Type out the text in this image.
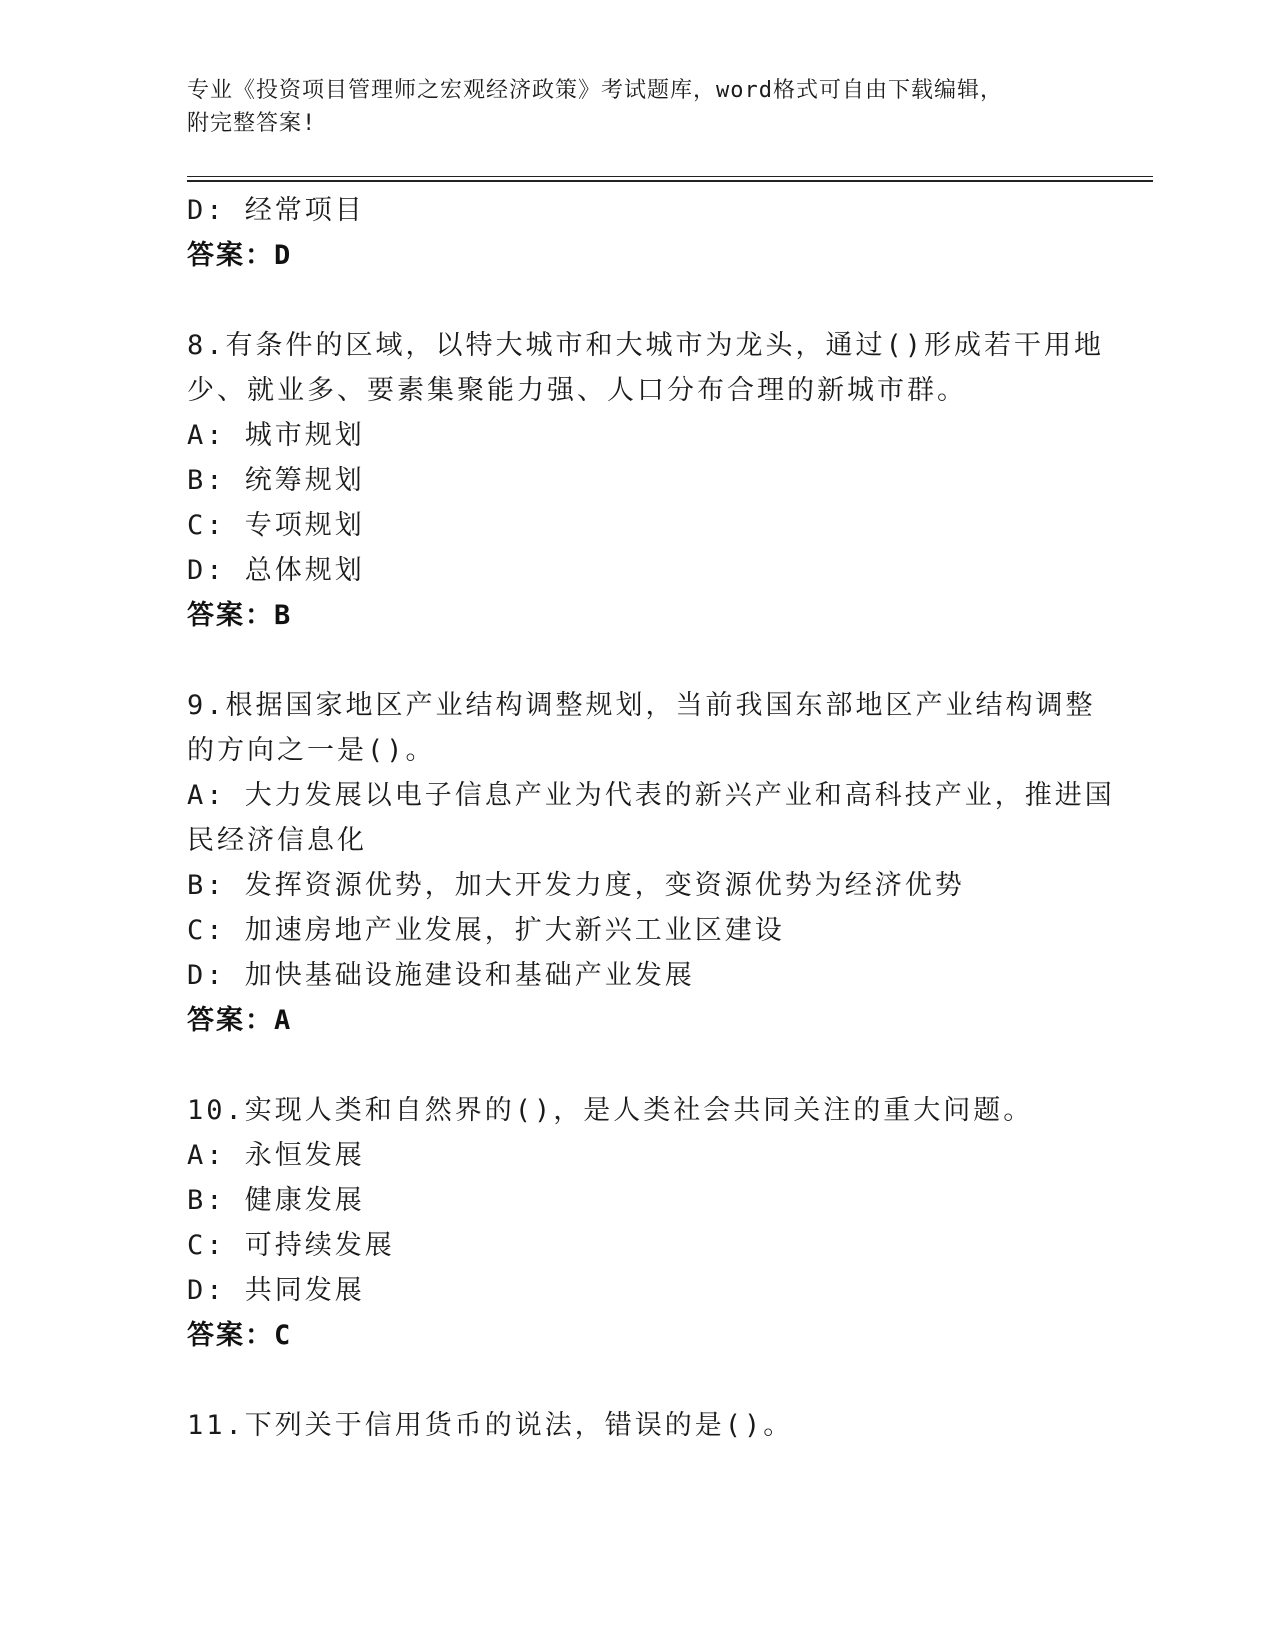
专业《投资项目管理师之宏观经济政策》考试题库，word格式可自由下载编辑，
附完整答案!
D: 经常项目
答案：D
8.有条件的区域，以特大城市和大城市为龙头，通过()形成若干用地
少、就业多、要素集聚能力强、人口分布合理的新城市群。
A: 城市规划
B: 统筹规划
C: 专项规划
D: 总体规划
答案：B
9.根据国家地区产业结构调整规划，当前我国东部地区产业结构调整
的方向之一是()。
A: 大力发展以电子信息产业为代表的新兴产业和高科技产业，推进国
民经济信息化
B: 发挥资源优势，加大开发力度，变资源优势为经济优势
C: 加速房地产业发展，扩大新兴工业区建设
D: 加快基础设施建设和基础产业发展
答案：A
10.实现人类和自然界的()，是人类社会共同关注的重大问题。
A: 永恒发展
B: 健康发展
C: 可持续发展
D: 共同发展
答案：C
11.下列关于信用货币的说法，错误的是()。
